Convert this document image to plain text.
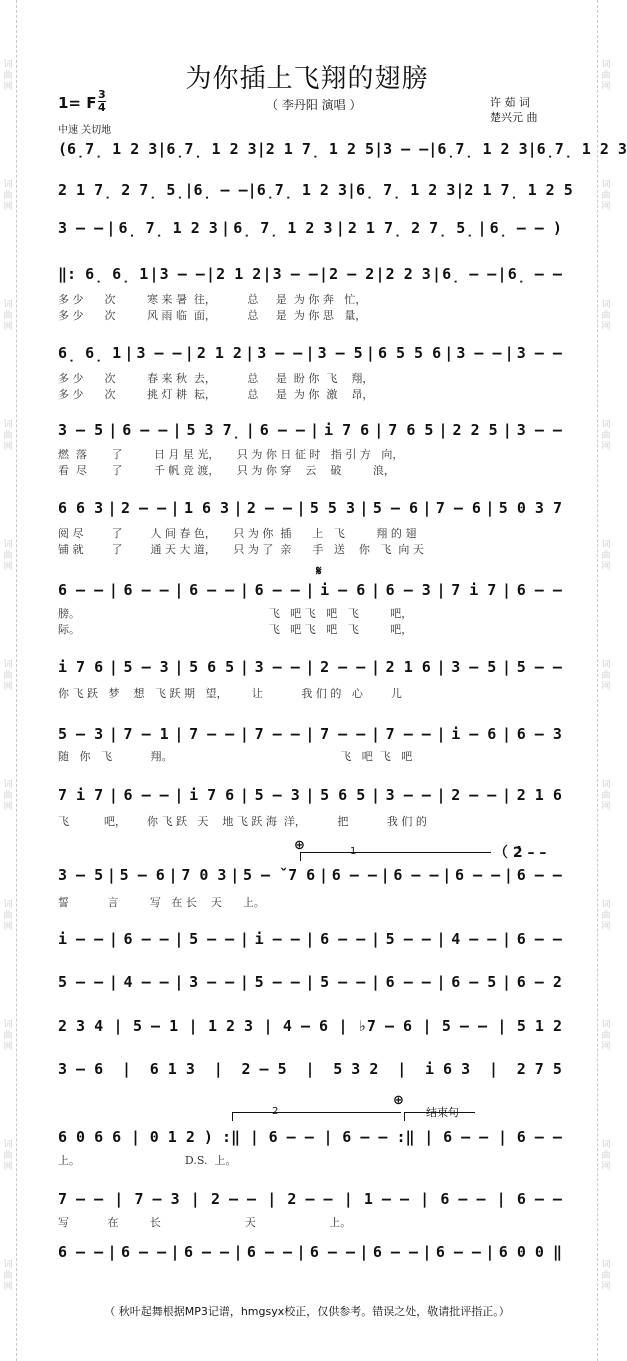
词
曲
网
词
曲
网
词
曲
网
词
曲
网
词
曲
网
词
曲
网
词
曲
网
词
曲
网
词
曲
网
词
曲
网
词
曲
网
词
曲
网
词
曲
网
词
曲
网
词
曲
网
词
曲
网
词
曲
网
词
曲
网
词
曲
网
词
曲
网
词
曲
网
词
曲
网
为你插上飞翔的翅膀
1= F 3
4	（ 李丹阳 演唱 ）
中速 关切地
许 茹 词
楚兴元 曲
(6̣7̣ 1 2 3 | 6̣7̣ 1 2 3 | 2 1 7̣ 1 2 5 | 3 – – | 6̣7̣ 1 2 3 | 6̣7̣ 1 2 3
2 1 7̣ 2 7̣ 5̣ | 6̣ – – | 6̣7̣ 1 2 3 | 6̣ 7̣ 1 2 3 | 2 1 7̣ 1 2 5
3 – – | 6̣ 7̣ 1 2 3 | 6̣ 7̣ 1 2 3 | 2 1 7̣ 2 7̣ 5̣ | 6̣ – – )
‖: 6̣ 6̣ 1 | 3 – – | 2 1 2 | 3 – – | 2 – 2 | 2 2 3 | 6̣ – – | 6̣ – –
6̣ 6̣ 1 | 3 – – | 2 1 2 | 3 – – | 3 – 5 | 6 5 5 6 | 3 – – | 3 – –
3 – 5 | 6 – – | 5 3 7̣ | 6 – – | i 7 6 | 7 6 5 | 2 2 5 | 3 – –
6 6 3 | 2 – – | 1 6 3 | 2 – – | 5 5 3 | 5 – 6 | 7 – 6 | 5 0 3 7
6 – – | 6 – – | 6 – – | 6 – – | i – 6 | 6 – 3 | 7 i 7 | 6 – –
i 7 6 | 5 – 3 | 5 6 5 | 3 – – | 2 – – | 2 1 6 | 3 – 5 | 5 – –
5 – 3 | 7 – 1 | 7 – – | 7 – – | 7 – – | 7 – – | i – 6 | 6 – 3
7 i 7 | 6 – – | i 7 6 | 5 – 3 | 5 6 5 | 3 – – | 2 – – | 2 1 6
3 – 5 | 5 – 6 | 7 0 3 | 5 – ˇ7 6 | 6 – – | 6 – – | 6 – – | 6 – –
i – – | 6 – – | 5 – – | i – – | 6 – – | 5 – – | 4 – – | 6 – –
5 – – | 4 – – | 3 – – | 5 – – | 5 – – | 6 – – | 6 – 5 | 6 – 2
2 3 4 | 5 – 1 | 1 2 3 | 4 – 6 | ♭7 – 6 | 5 – – | 5 1 2
3 – 6 | 6 1 3 | 2 – 5 | 5 3 2 | i 6 3 | 2 7 5
6 0 6 6 | 0 1 2 ) :‖ | 6 – – | 6 – – :‖ | 6 – – | 6 – –
7 – – | 7 – 3 | 2 – – | 2 – – | 1 – – | 6 – – | 6 – –
6 – – | 6 – – | 6 – – | 6 – – | 6 – – | 6 – – | 6 – – | 6 0 0 ‖
多 少      次         寒 来 暑  往，         总     是  为 你 奔   忙，
多 少      次         风 雨 临  面，         总     是  为 你 思   量，
多 少      次         春 来 秋  去，         总     是  盼 你  飞    翔，
多 少      次         挑 灯 耕  耘，         总     是  为 你  激    昂，
燃  落       了         日 月 星 光，     只 为 你 日 征 时   指 引 方   向，
看  尽       了         千 帆 竞 渡，     只 为 你 穿    云    破         浪，
阅 尽        了        人 间 春 色，     只 为 你  插      上   飞         翔 的 翅
铺 就        了        通 天 大 道，     只 为 了  亲      手   送    你   飞  向 天
膀。                                                      飞   吧 飞   吧   飞         吧，
际。                                                      飞   吧 飞   吧   飞         吧，
你 飞 跃   梦    想   飞 跃 期   望，       让           我 们 的   心        儿
随   你   飞           翔。                                                飞   吧  飞   吧
飞          吧，      你 飞 跃   天    地 飞 跃 海  洋，         把           我 们 的
誓           言         写   在 长    天      上。
上。                              D.S.  上。
写           在         长                        天                     上。
𝄋
⊕	1	（ 2̇ – –
2
⊕
结束句
（ 秋叶起舞根据MP3记谱，hmgsyx校正，仅供参考。错误之处，敬请批评指正。）
